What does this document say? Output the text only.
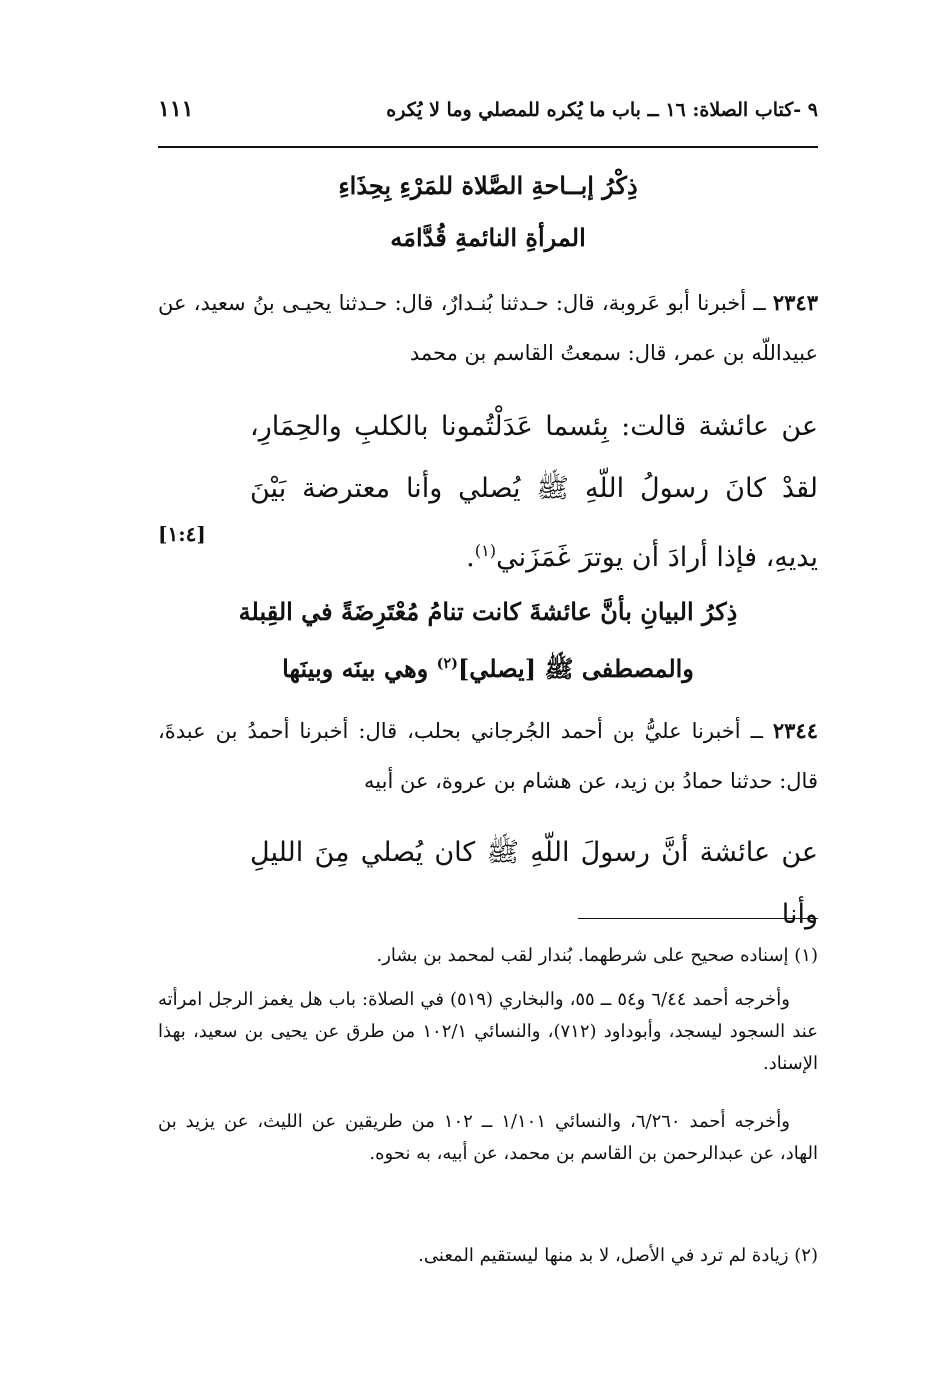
٩ -كتاب الصلاة: ١٦ ــ باب ما يُكره للمصلي وما لا يُكره
١١١
ذِكْرُ إبــاحةِ الصَّلاة للمَرْءِ بِحِذَاءِ
المرأةِ النائمةِ قُدَّامَه
٢٣٤٣ ــ أخبرنا أبو عَروبة، قال: حـدثنا بُنـدارٌ، قال: حـدثنا يحيـى بنُ سعيد، عن عبيداللّه بن عمر، قال: سمعتُ القاسم بن محمد
عن عائشة قالت: بِئسما عَدَلْتُمونا بالكلبِ والحِمَارِ، لقدْ كانَ رسولُ اللّهِ ﷺ يُصلي وأنا معترضة بَيْنَ يديهِ، فإذا أرادَ أن يوترَ غَمَزَني$^{(١)}$.
[١:٤]
ذِكرُ البيانِ بأنَّ عائشةَ كانت تنامُ مُعْتَرِضَةً في القِبلة
والمصطفى ﷺ [يصلي]$^{(٢)}$ وهي بينَه وبينَها
٢٣٤٤ ــ أخبرنا عليُّ بن أحمد الجُرجاني بحلب، قال: أخبرنا أحمدُ بن عبدةَ، قال: حدثنا حمادُ بن زيد، عن هشام بن عروة، عن أبيه
عن عائشة أنَّ رسولَ اللّهِ ﷺ كان يُصلي مِنَ الليلِ وأنا
(١) إسناده صحيح على شرطهما. بُندار لقب لمحمد بن بشار.
وأخرجه أحمد ٦/٤٤ و٥٤ ــ ٥٥، والبخاري (٥١٩) في الصلاة: باب هل يغمز الرجل امرأته عند السجود ليسجد، وأبوداود (٧١٢)، والنسائي ١٠٢/١ من طرق عن يحيى بن سعيد، بهذا الإسناد.
وأخرجه أحمد ٦/٢٦٠، والنسائي ١/١٠١ ــ ١٠٢ من طريقين عن الليث، عن يزيد بن الهاد، عن عبدالرحمن بن القاسم بن محمد، عن أبيه، به نحوه.
(٢) زيادة لم ترد في الأصل، لا بد منها ليستقيم المعنى.
